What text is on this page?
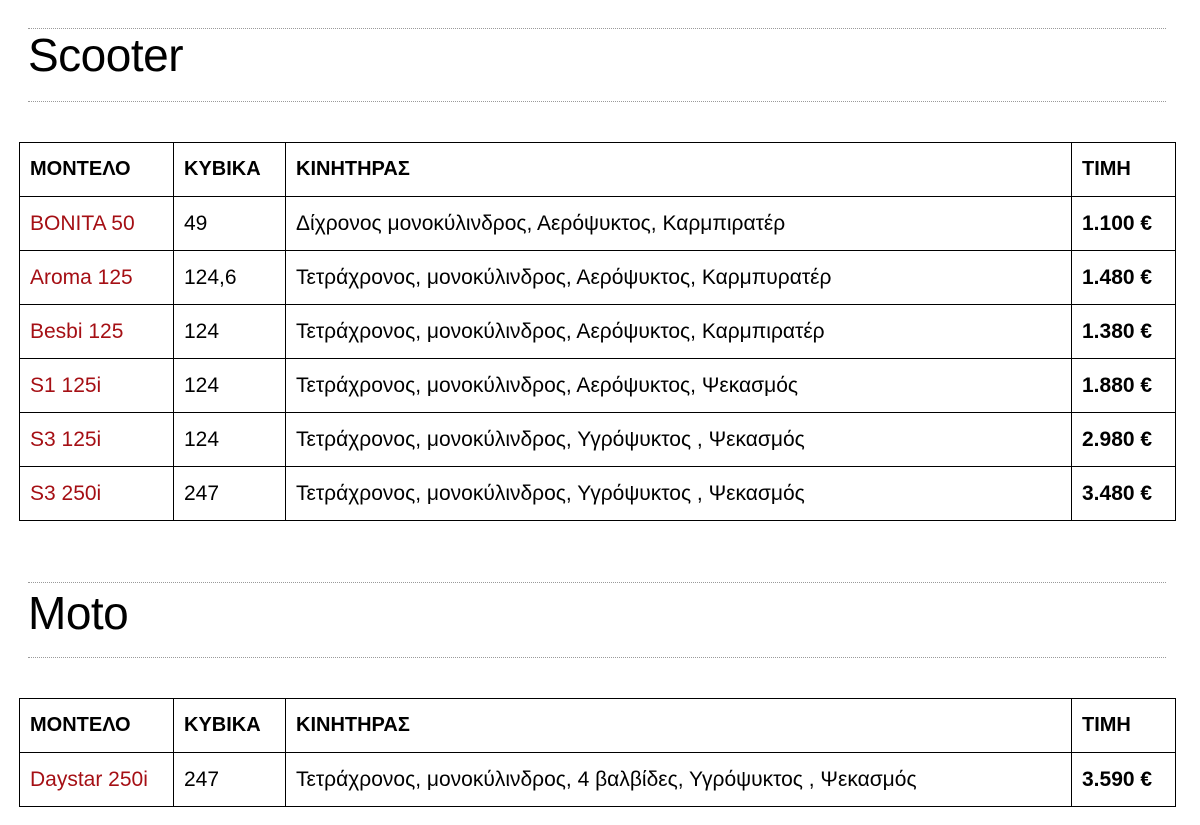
Scooter
ΜΟΝΤΕΛΟ	ΚΥΒΙΚΑ	ΚΙΝΗΤΗΡΑΣ	ΤΙΜΗ
BONITA 50	49	Δίχρονος μονοκύλινδρος, Αερόψυκτος, Καρμπιρατέρ	1.100 €
Aroma 125	124,6	Τετράχρονος, μονοκύλινδρος, Αερόψυκτος, Καρμπυρατέρ	1.480 €
Besbi 125	124	Τετράχρονος, μονοκύλινδρος, Αερόψυκτος, Καρμπιρατέρ	1.380 €
S1 125i	124	Τετράχρονος, μονοκύλινδρος, Αερόψυκτος, Ψεκασμός	1.880 €
S3 125i	124	Τετράχρονος, μονοκύλινδρος, Υγρόψυκτος , Ψεκασμός	2.980 €
S3 250i	247	Τετράχρονος, μονοκύλινδρος, Υγρόψυκτος , Ψεκασμός	3.480 €
Moto
ΜΟΝΤΕΛΟ	ΚΥΒΙΚΑ	ΚΙΝΗΤΗΡΑΣ	ΤΙΜΗ
Daystar 250i	247	Τετράχρονος, μονοκύλινδρος, 4 βαλβίδες, Υγρόψυκτος , Ψεκασμός	3.590 €
